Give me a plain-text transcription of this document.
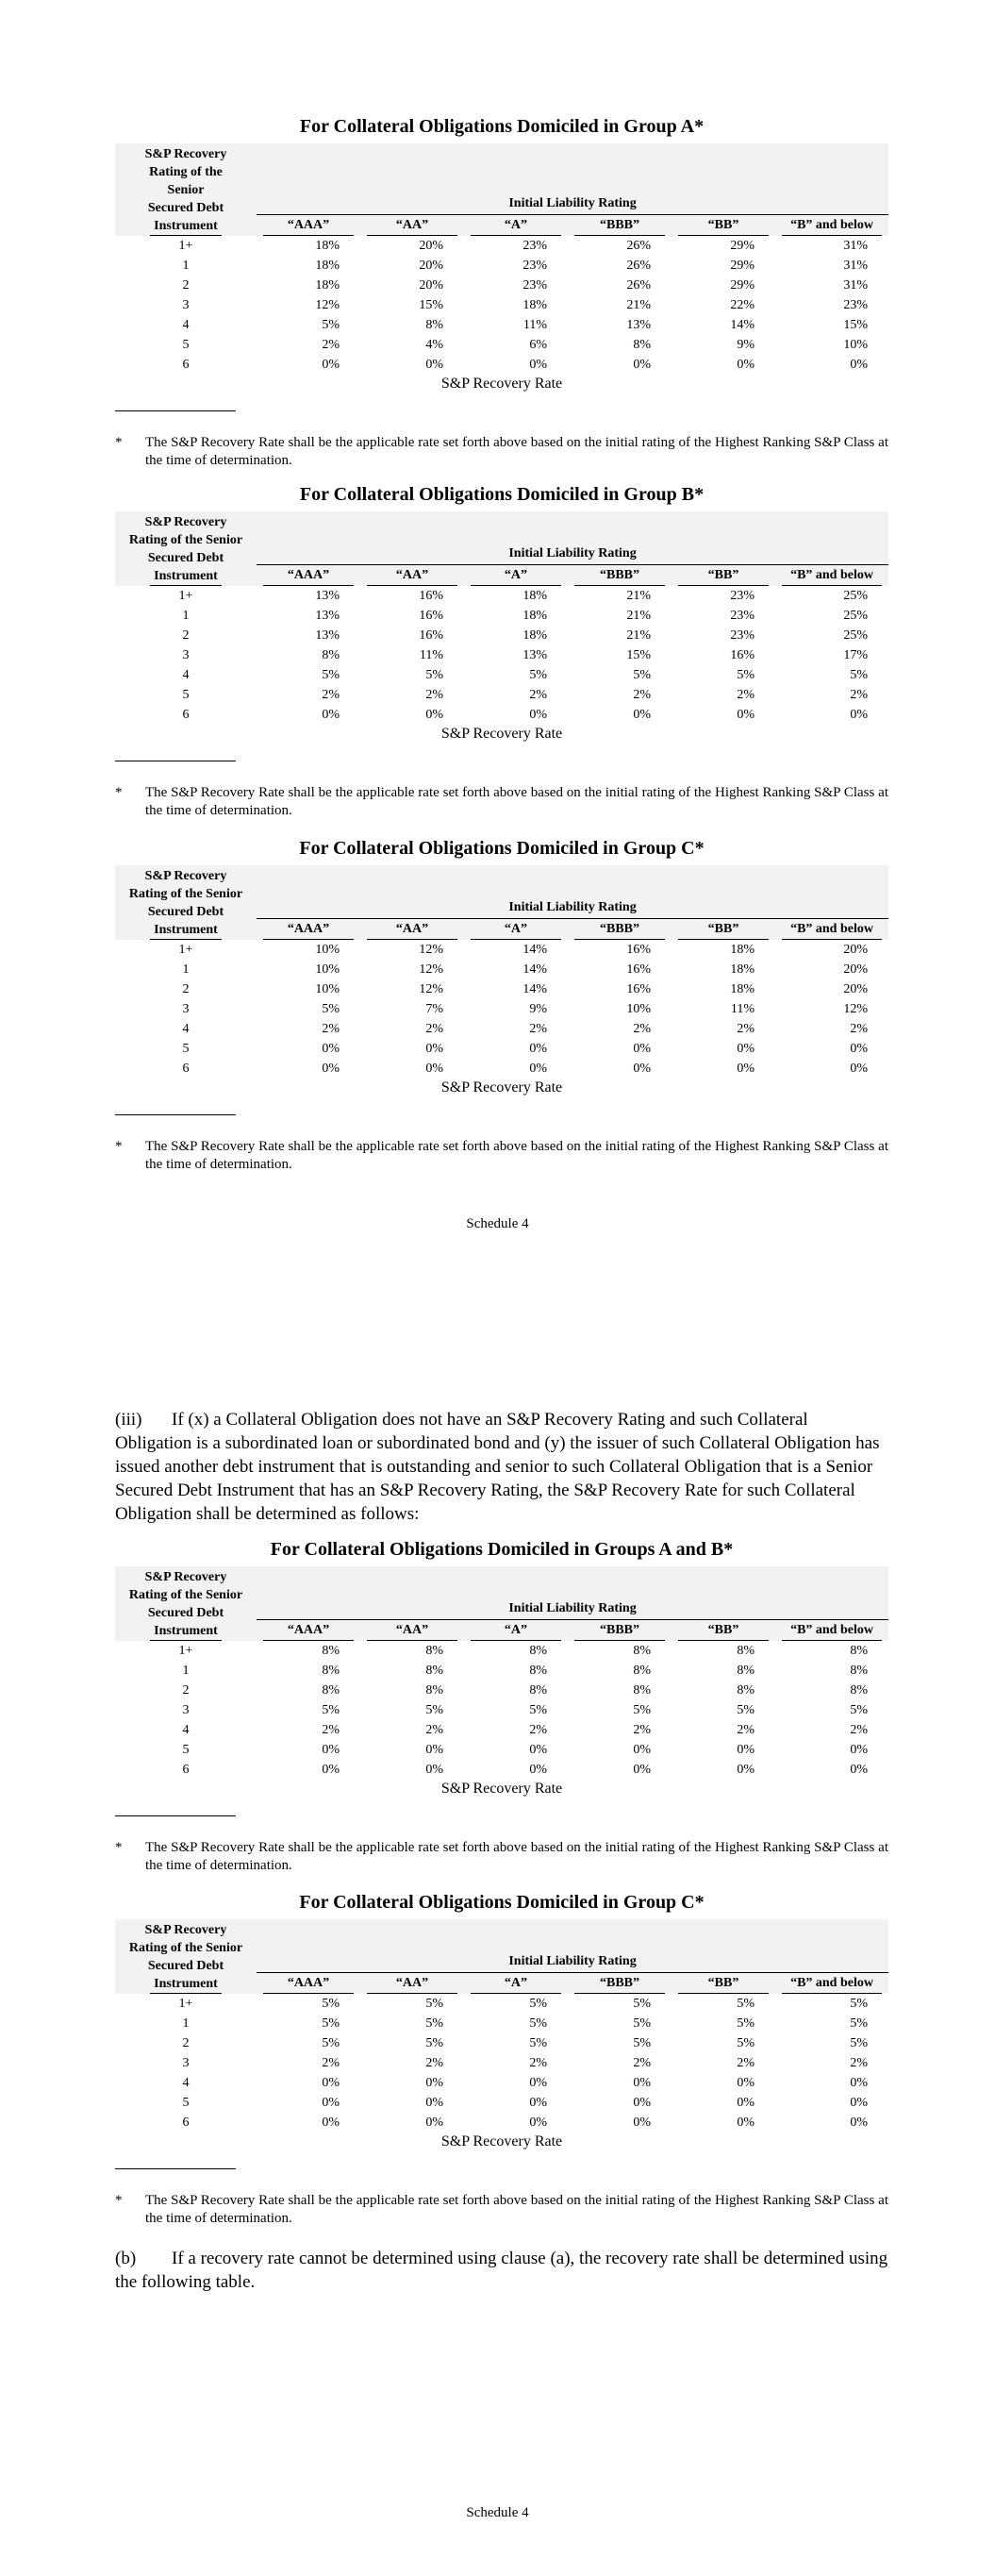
For Collateral Obligations Domiciled in Group A*
S&P Recovery
Rating of the
Senior
Secured Debt
Instrument	Initial Liability Rating					
	“AAA”	“AA”	“A”	“BBB”	“BB”	“B” and below
1+	18%	20%	23%	26%	29%	31%
1	18%	20%	23%	26%	29%	31%
2	18%	20%	23%	26%	29%	31%
3	12%	15%	18%	21%	22%	23%
4	5%	8%	11%	13%	14%	15%
5	2%	4%	6%	8%	9%	10%
6	0%	0%	0%	0%	0%	0%
S&P Recovery Rate
* The S&P Recovery Rate shall be the applicable rate set forth above based on the initial rating of the Highest Ranking S&P Class at the time of determination.
For Collateral Obligations Domiciled in Group B*
S&P Recovery
Rating of the Senior
Secured Debt
Instrument	Initial Liability Rating					
	“AAA”	“AA”	“A”	“BBB”	“BB”	“B” and below
1+	13%	16%	18%	21%	23%	25%
1	13%	16%	18%	21%	23%	25%
2	13%	16%	18%	21%	23%	25%
3	8%	11%	13%	15%	16%	17%
4	5%	5%	5%	5%	5%	5%
5	2%	2%	2%	2%	2%	2%
6	0%	0%	0%	0%	0%	0%
S&P Recovery Rate
* The S&P Recovery Rate shall be the applicable rate set forth above based on the initial rating of the Highest Ranking S&P Class at the time of determination.
For Collateral Obligations Domiciled in Group C*
S&P Recovery
Rating of the Senior
Secured Debt
Instrument	Initial Liability Rating					
	“AAA”	“AA”	“A”	“BBB”	“BB”	“B” and below
1+	10%	12%	14%	16%	18%	20%
1	10%	12%	14%	16%	18%	20%
2	10%	12%	14%	16%	18%	20%
3	5%	7%	9%	10%	11%	12%
4	2%	2%	2%	2%	2%	2%
5	0%	0%	0%	0%	0%	0%
6	0%	0%	0%	0%	0%	0%
S&P Recovery Rate
* The S&P Recovery Rate shall be the applicable rate set forth above based on the initial rating of the Highest Ranking S&P Class at the time of determination.
Schedule 4
(iii) If (x) a Collateral Obligation does not have an S&P Recovery Rating and such Collateral Obligation is a subordinated loan or subordinated bond and (y) the issuer of such Collateral Obligation has issued another debt instrument that is outstanding and senior to such Collateral Obligation that is a Senior Secured Debt Instrument that has an S&P Recovery Rating, the S&P Recovery Rate for such Collateral Obligation shall be determined as follows:
For Collateral Obligations Domiciled in Groups A and B*
S&P Recovery
Rating of the Senior
Secured Debt
Instrument	Initial Liability Rating					
	“AAA”	“AA”	“A”	“BBB”	“BB”	“B” and below
1+	8%	8%	8%	8%	8%	8%
1	8%	8%	8%	8%	8%	8%
2	8%	8%	8%	8%	8%	8%
3	5%	5%	5%	5%	5%	5%
4	2%	2%	2%	2%	2%	2%
5	0%	0%	0%	0%	0%	0%
6	0%	0%	0%	0%	0%	0%
S&P Recovery Rate
* The S&P Recovery Rate shall be the applicable rate set forth above based on the initial rating of the Highest Ranking S&P Class at the time of determination.
For Collateral Obligations Domiciled in Group C*
S&P Recovery
Rating of the Senior
Secured Debt
Instrument	Initial Liability Rating					
	“AAA”	“AA”	“A”	“BBB”	“BB”	“B” and below
1+	5%	5%	5%	5%	5%	5%
1	5%	5%	5%	5%	5%	5%
2	5%	5%	5%	5%	5%	5%
3	2%	2%	2%	2%	2%	2%
4	0%	0%	0%	0%	0%	0%
5	0%	0%	0%	0%	0%	0%
6	0%	0%	0%	0%	0%	0%
S&P Recovery Rate
* The S&P Recovery Rate shall be the applicable rate set forth above based on the initial rating of the Highest Ranking S&P Class at the time of determination.
(b) If a recovery rate cannot be determined using clause (a), the recovery rate shall be determined using the following table.
Schedule 4
